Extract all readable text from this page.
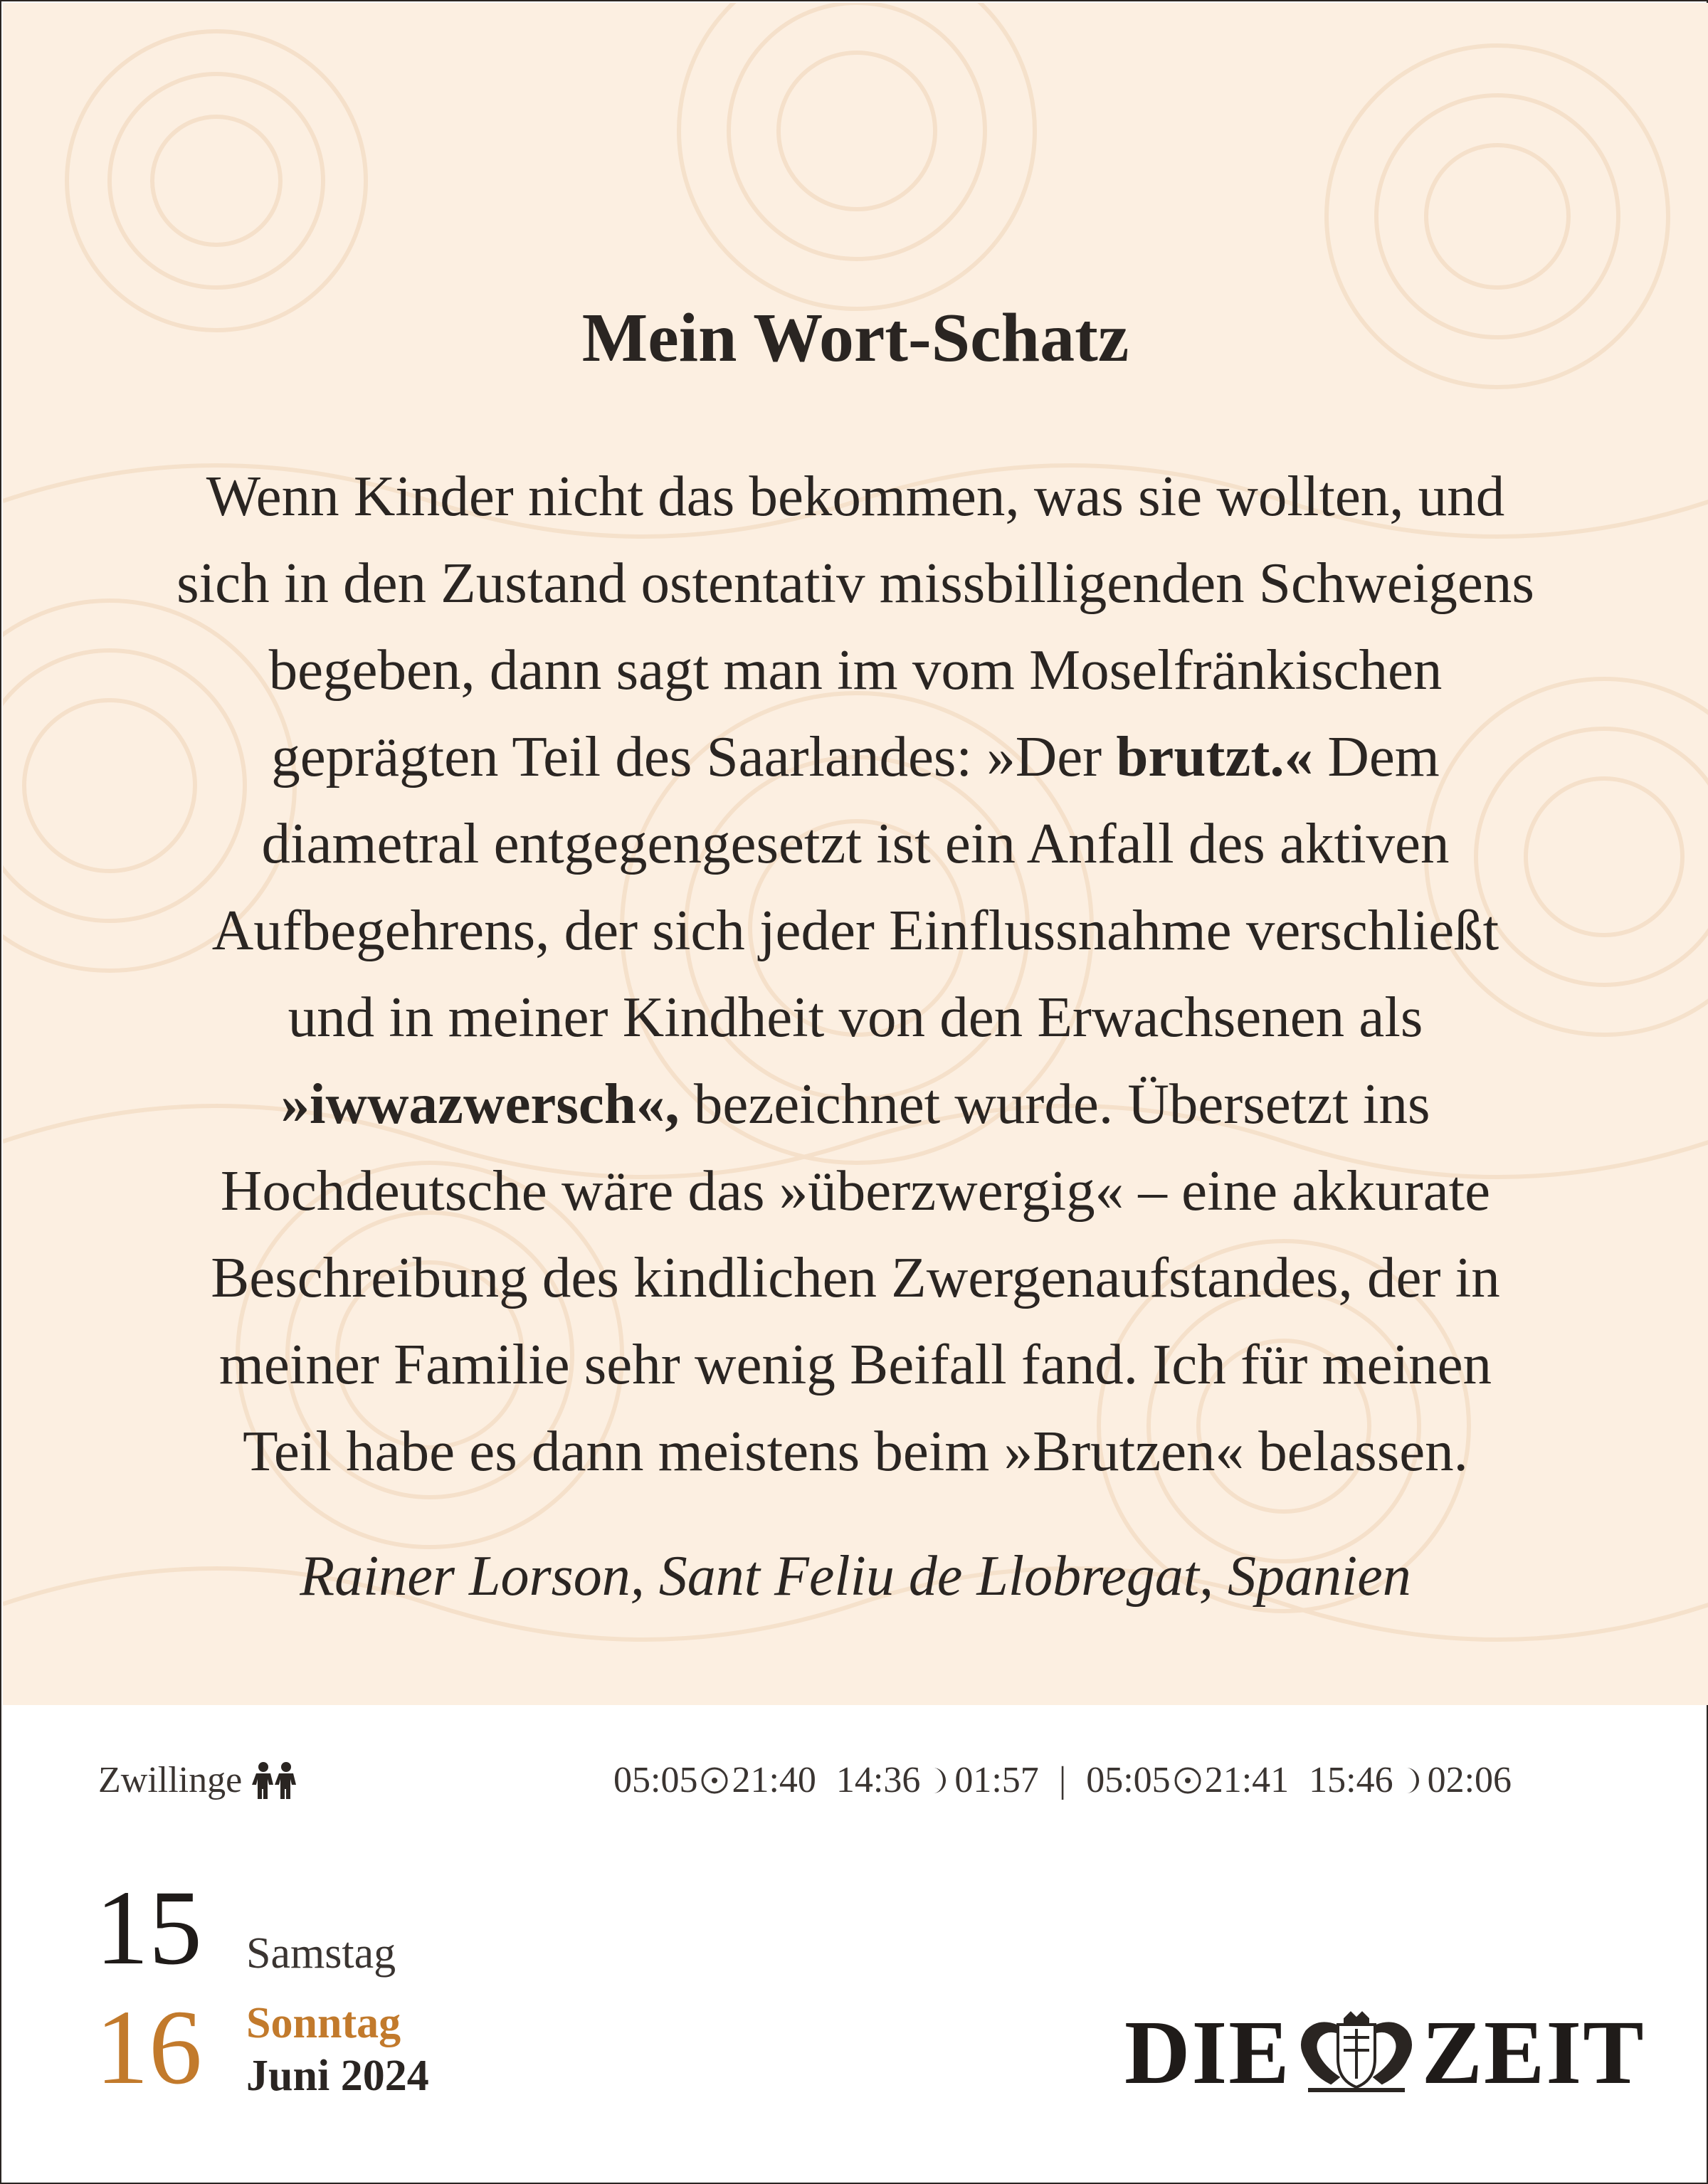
Mein Wort-Schatz
Wenn Kinder nicht das bekommen, was sie wollten, und
sich in den Zustand ostentativ missbilligenden Schweigens
begeben, dann sagt man im vom Moselfränkischen
geprägten Teil des Saarlandes: »Der brutzt.« Dem
diametral entgegengesetzt ist ein Anfall des aktiven
Aufbegehrens, der sich jeder Einflussnahme verschließt
und in meiner Kindheit von den Erwachsenen als
»iwwazwersch«, bezeichnet wurde. Übersetzt ins
Hochdeutsche wäre das »überzwergig« – eine akkurate
Beschreibung des kindlichen Zwergenaufstandes, der in
meiner Familie sehr wenig Beifall fand. Ich für meinen
Teil habe es dann meistens beim »Brutzen« belassen.
Rainer Lorson, Sant Feliu de Llobregat, Spanien
Zwillinge	05:05 21:40 14:36 01:57 | 05:05 21:41 15:46 02:06
15 Samstag
16 Sonntag
Juni 2024	DIE ZEIT
